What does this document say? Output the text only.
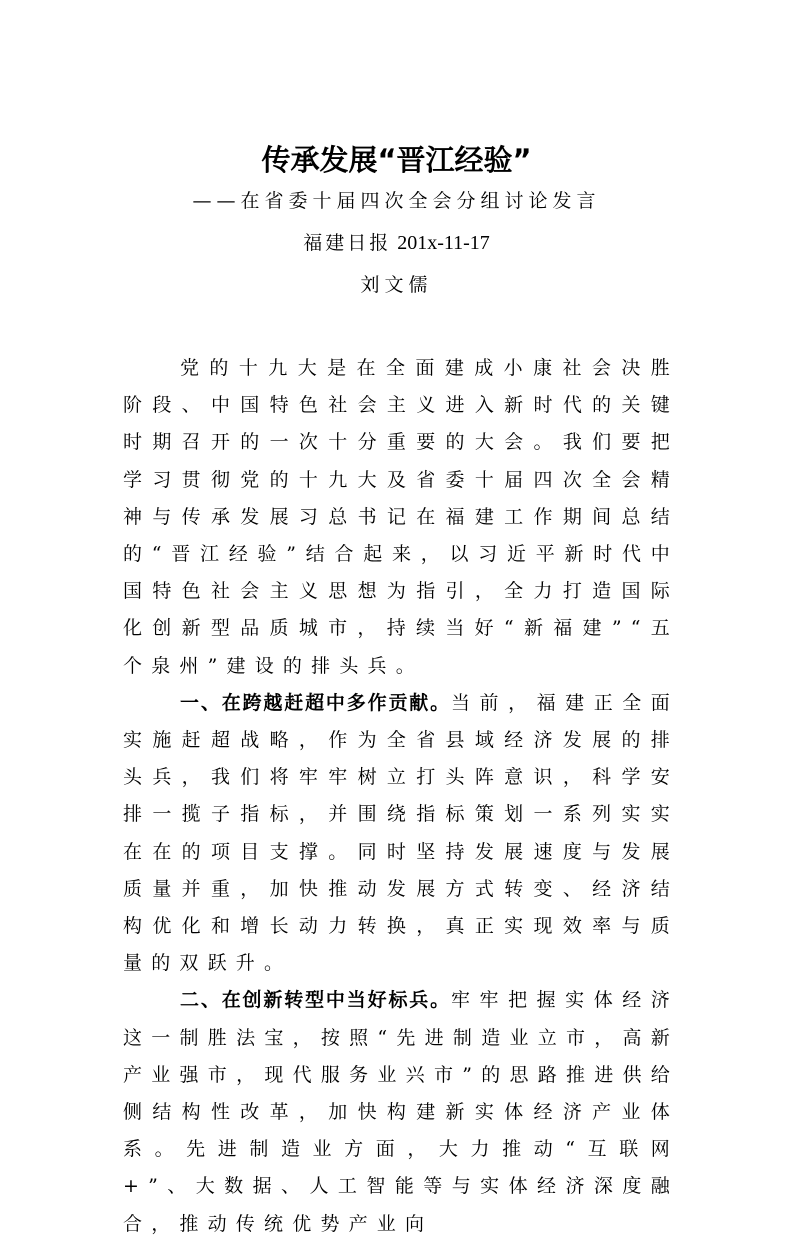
传承发展“晋江经验”
——在省委十届四次全会分组讨论发言
福建日报 201x-11-17
刘文儒

党的十九大是在全面建成小康社会决胜阶段、中国特色社会主义进入新时代的关键时期召开的一次十分重要的大会。我们要把学习贯彻党的十九大及省委十届四次全会精神与传承发展习总书记在福建工作期间总结的“晋江经验”结合起来，以习近平新时代中国特色社会主义思想为指引，全力打造国际化创新型品质城市，持续当好“新福建”“五个泉州”建设的排头兵。

一、在跨越赶超中多作贡献。当前，福建正全面实施赶超战略，作为全省县域经济发展的排头兵，我们将牢牢树立打头阵意识，科学安排一揽子指标，并围绕指标策划一系列实实在在的项目支撑。同时坚持发展速度与发展质量并重，加快推动发展方式转变、经济结构优化和增长动力转换，真正实现效率与质量的双跃升。

二、在创新转型中当好标兵。牢牢把握实体经济这一制胜法宝，按照“先进制造业立市，高新产业强市，现代服务业兴市”的思路推进供给侧结构性改革，加快构建新实体经济产业体系。先进制造业方面，大力推动“互联网+”、大数据、人工智能等与实体经济深度融合，推动传统优势产业向
